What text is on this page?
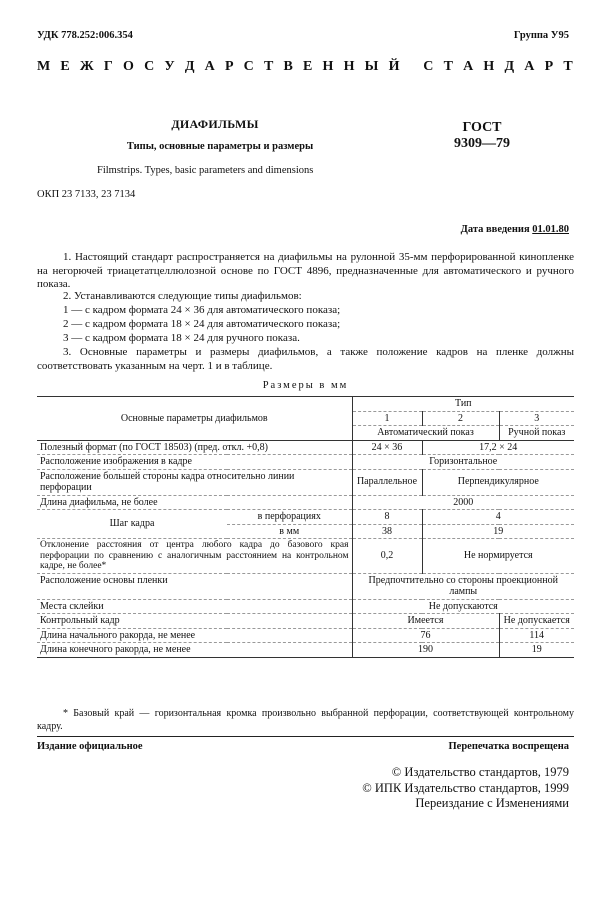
УДК 778.252:006.354	Группа У95
М Е Ж Г О С У Д А Р С Т В Е Н Н Ы Й
С Т А Н Д А Р Т
ДИАФИЛЬМЫ
Типы, основные параметры и размеры
ГОСТ
9309—79
Filmstrips. Types, basic parameters and dimensions
ОКП 23 7133, 23 7134
Дата введения 01.01.80
1. Настоящий стандарт распространяется на диафильмы на рулонной 35-мм перфорированной кинопленке на негорючей триацетатцеллюлозной основе по ГОСТ 4896, предназначенные для автоматического и ручного показа.
2. Устанавливаются следующие типы диафильмов:
1 — с кадром формата 24 × 36 для автоматического показа;
2 — с кадром формата 18 × 24 для автоматического показа;
3 — с кадром формата 18 × 24 для ручного показа.
3. Основные параметры и размеры диафильмов, а также положение кадров на пленке должны соответствовать указанным на черт. 1 и в таблице.
Размеры в мм
Основные параметры диафильмов		Тип		
		1	2	3
		Автоматический показ		Ручной показ
Полезный формат (по ГОСТ 18503) (пред. откл. +0,8)		24 × 36	17,2 × 24	
Расположение изображения в кадре		Горизонтальное		
Расположение большей стороны кадра относительно линии перфорации		Параллельное	Перпендикулярное	
Длина диафильма, не более		2000		
Шаг кадра	в перфорациях	8	4	
	в мм	38	19	
Отклонение расстояния от центра любого кадра до базового края перфорации по сравнению с аналогичным расстоянием на контрольном кадре, не более*		0,2	Не нормируется	
Расположение основы пленки		Предпочтительно со стороны проекционной лампы		
Места склейки		Не допускаются		
Контрольный кадр		Имеется		Не допускается
Длина начального ракорда, не менее		76		114
Длина конечного ракорда, не менее		190		19
* Базовый край — горизонтальная кромка произвольно выбранной перфорации, соответствующей контрольному кадру.
Издание официальное	Перепечатка воспрещена
© Издательство стандартов, 1979
© ИПК Издательство стандартов, 1999
Переиздание с Изменениями
